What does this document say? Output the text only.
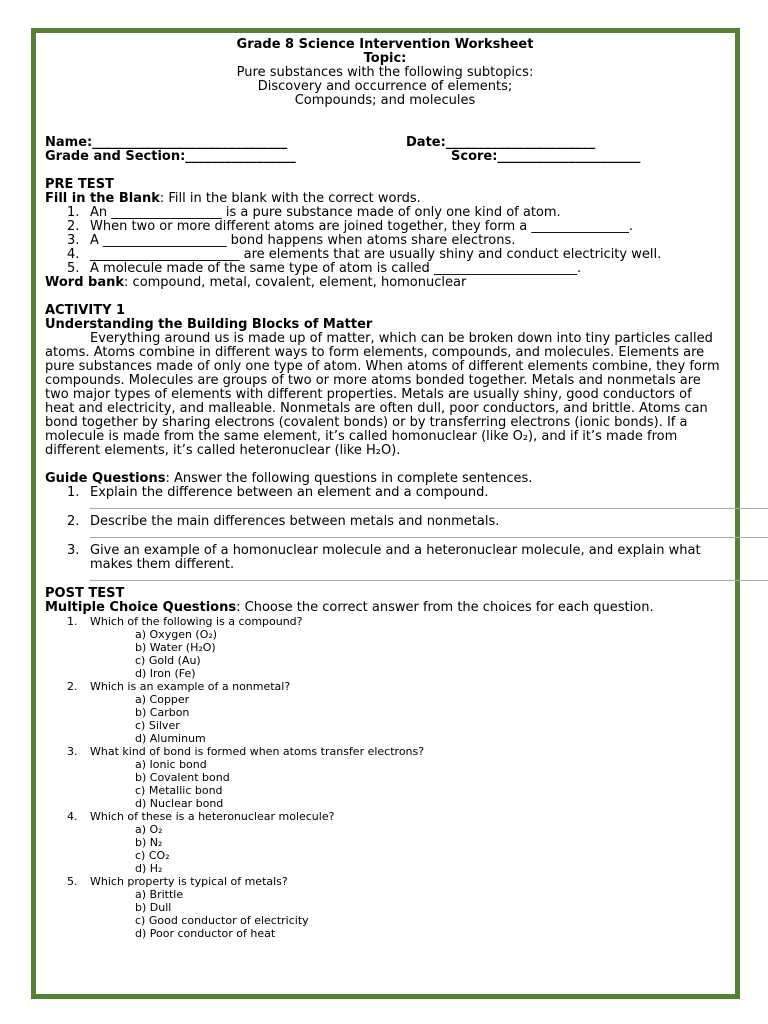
Grade 8 Science Intervention Worksheet
Topic:
Pure substances with the following subtopics:
Discovery and occurrence of elements;
Compounds; and molecules

Name:______________________________

	Date:_______________________

Grade and Section:_________________

	Score:______________________

PRE TEST
Fill in the Blank: Fill in the blank with the correct words.
1. An _________________ is a pure substance made of only one kind of atom.
2. When two or more different atoms are joined together, they form a _______________.
3. A ___________________ bond happens when atoms share electrons.
4. _______________________ are elements that are usually shiny and conduct electricity well.
5. A molecule made of the same type of atom is called ______________________.
Word bank: compound, metal, covalent, element, homonuclear
ACTIVITY 1
Understanding the Building Blocks of Matter
Everything around us is made up of matter, which can be broken down into tiny particles called atoms. Atoms combine in different ways to form elements, compounds, and molecules. Elements are pure substances made of only one type of atom. When atoms of different elements combine, they form compounds. Molecules are groups of two or more atoms bonded together. Metals and nonmetals are two major types of elements with different properties. Metals are usually shiny, good conductors of heat and electricity, and malleable. Nonmetals are often dull, poor conductors, and brittle. Atoms can bond together by sharing electrons (covalent bonds) or by transferring electrons (ionic bonds). If a molecule is made from the same element, it’s called homonuclear (like O₂), and if it’s made from different elements, it’s called heteronuclear (like H₂O).
Guide Questions: Answer the following questions in complete sentences.
1. Explain the difference between an element and a compound.
2. Describe the main differences between metals and nonmetals.
3. Give an example of a homonuclear molecule and a heteronuclear molecule, and explain what makes them different.
POST TEST
Multiple Choice Questions: Choose the correct answer from the choices for each question.
1. Which of the following is a compound?
a) Oxygen (O₂)
b) Water (H₂O)
c) Gold (Au)
d) Iron (Fe)
2. Which is an example of a nonmetal?
a) Copper
b) Carbon
c) Silver
d) Aluminum
3. What kind of bond is formed when atoms transfer electrons?
a) Ionic bond
b) Covalent bond
c) Metallic bond
d) Nuclear bond
4. Which of these is a heteronuclear molecule?
a) O₂
b) N₂
c) CO₂
d) H₂
5. Which property is typical of metals?
a) Brittle
b) Dull
c) Good conductor of electricity
d) Poor conductor of heat
